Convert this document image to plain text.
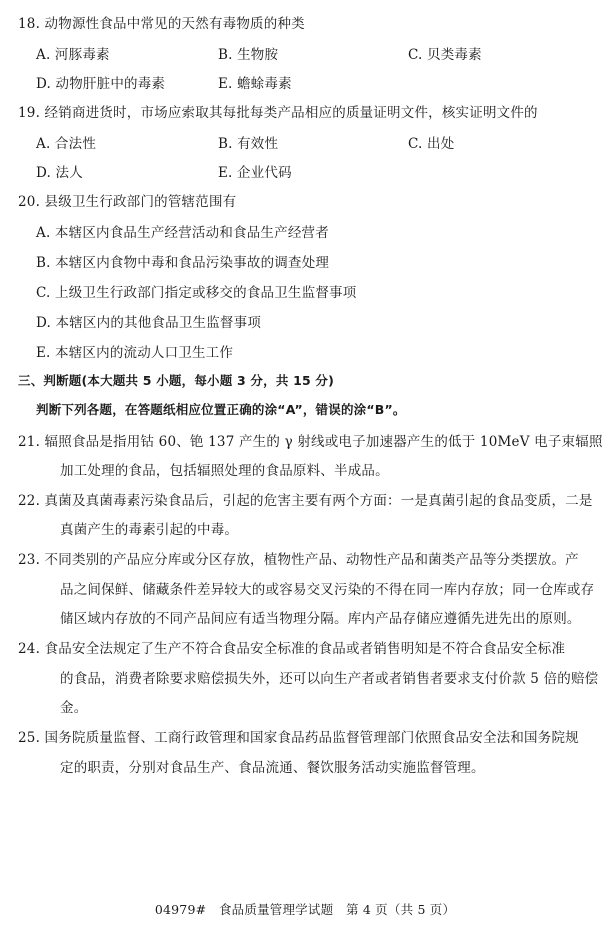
18. 动物源性食品中常见的天然有毒物质的种类
A. 河豚毒素	B. 生物胺	C. 贝类毒素
D. 动物肝脏中的毒素	E. 蟾蜍毒素
19. 经销商进货时，市场应索取其每批每类产品相应的质量证明文件，核实证明文件的
A. 合法性	B. 有效性	C. 出处
D. 法人	E. 企业代码
20. 县级卫生行政部门的管辖范围有
A. 本辖区内食品生产经营活动和食品生产经营者
B. 本辖区内食物中毒和食品污染事故的调查处理
C. 上级卫生行政部门指定或移交的食品卫生监督事项
D. 本辖区内的其他食品卫生监督事项
E. 本辖区内的流动人口卫生工作
三、判断题(本大题共 5 小题，每小题 3 分，共 15 分)
判断下列各题，在答题纸相应位置正确的涂“A”，错误的涂“B”。
21. 辐照食品是指用钴 60、铯 137 产生的 γ 射线或电子加速器产生的低于 10MeV 电子束辐照
加工处理的食品，包括辐照处理的食品原料、半成品。
22. 真菌及真菌毒素污染食品后，引起的危害主要有两个方面：一是真菌引起的食品变质，二是
真菌产生的毒素引起的中毒。
23. 不同类别的产品应分库或分区存放，植物性产品、动物性产品和菌类产品等分类摆放。产
品之间保鲜、储藏条件差异较大的或容易交叉污染的不得在同一库内存放；同一仓库或存
储区域内存放的不同产品间应有适当物理分隔。库内产品存储应遵循先进先出的原则。
24. 食品安全法规定了生产不符合食品安全标准的食品或者销售明知是不符合食品安全标准
的食品，消费者除要求赔偿损失外，还可以向生产者或者销售者要求支付价款 5 倍的赔偿
金。
25. 国务院质量监督、工商行政管理和国家食品药品监督管理部门依照食品安全法和国务院规
定的职责，分别对食品生产、食品流通、餐饮服务活动实施监督管理。
04979#　食品质量管理学试题　第 4 页（共 5 页）
